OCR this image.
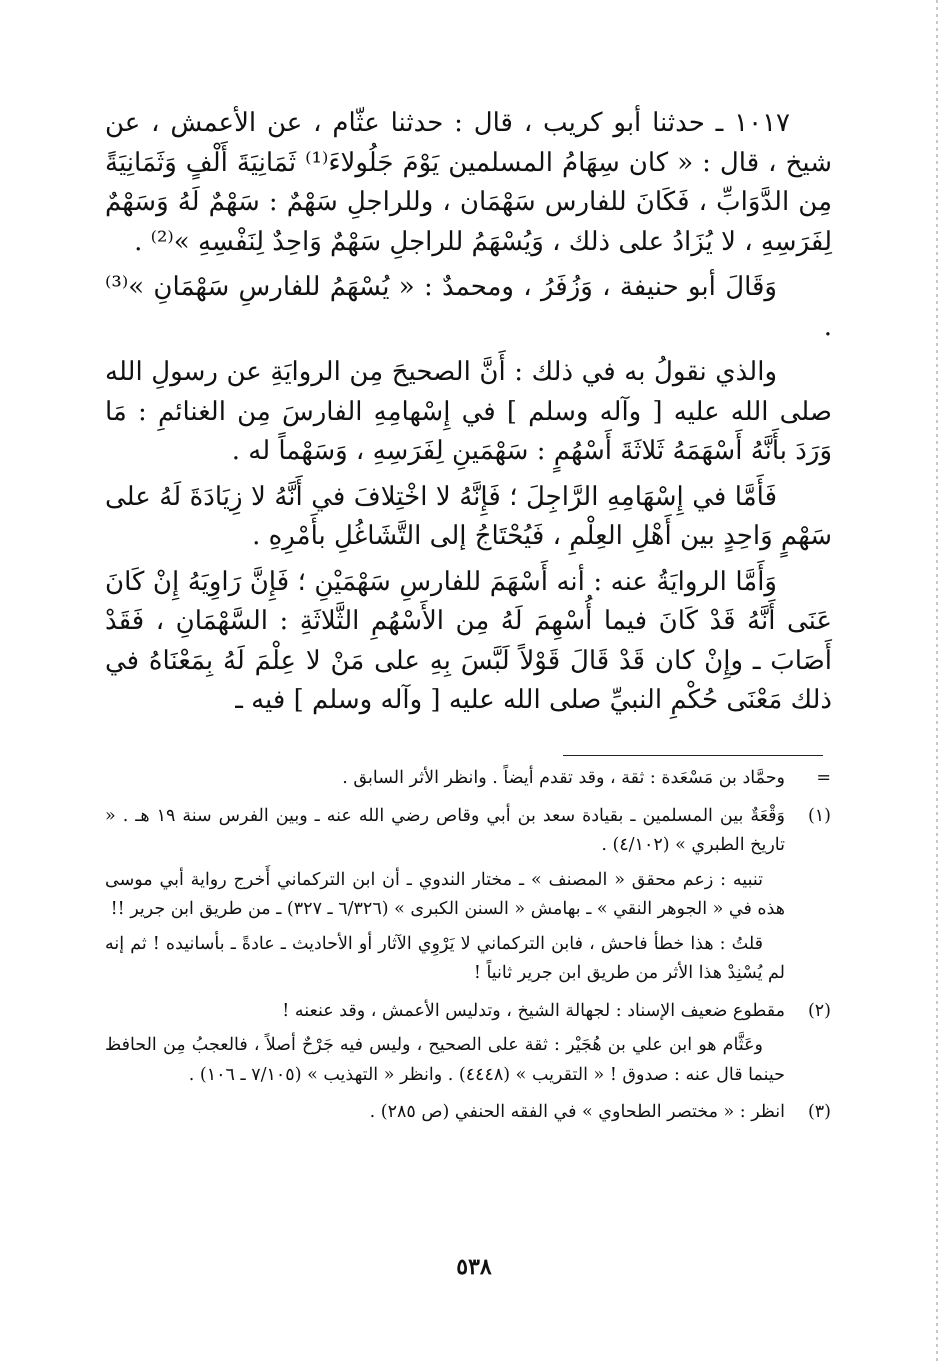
١٠١٧ ـ حدثنا أبو كريب ، قال : حدثنا عثّام ، عن الأعمش ، عن شيخ ، قال : « كان سِهَامُ المسلمين يَوْمَ جَلُولاءَ⁽¹⁾ ثَمَانِيَةَ أَلْفٍ وَثَمَانِيَةً مِن الدَّوَابِّ ، فَكَانَ للفارس سَهْمَان ، وللراجلِ سَهْمٌ : سَهْمٌ لَهُ وَسَهْمٌ لِفَرَسِهِ ، لا يُزَادُ على ذلك ، وَيُسْهَمُ للراجلِ سَهْمٌ وَاحِدٌ لِنَفْسِهِ »⁽²⁾ .

وَقَالَ أبو حنيفة ، وَزُفَرُ ، ومحمدٌ : « يُسْهَمُ للفارسِ سَهْمَانِ »⁽³⁾ .

والذي نقولُ به في ذلك : أَنَّ الصحيحَ مِن الروايَةِ عن رسولِ الله صلى الله عليه [ وآله وسلم ] في إِسْهامِهِ الفارسَ مِن الغنائمِ : مَا وَرَدَ بأَنَّهُ أَسْهَمَهُ ثَلاثَةَ أَسْهُمٍ : سَهْمَينِ لِفَرَسِهِ ، وَسَهْماً له .

فَأَمَّا في إِسْهَامِهِ الرَّاجِلَ ؛ فَإِنَّهُ لا اخْتِلافَ في أَنَّهُ لا زِيَادَةَ لَهُ على سَهْمٍ وَاحِدٍ بين أَهْلِ العِلْمِ ، فَيُحْتَاجُ إلى التَّشَاغُلِ بأَمْرِهِ .

وَأَمَّا الروايَةُ عنه : أنه أَسْهَمَ للفارسِ سَهْمَيْنِ ؛ فَإِنَّ رَاوِيَهُ إِنْ كَانَ عَنَى أَنَّهُ قَدْ كَانَ فيما أُسْهِمَ لَهُ مِن الأَسْهُمِ الثَّلاثَةِ : السَّهْمَانِ ، فَقَدْ أَصَابَ ـ وإِنْ كان قَدْ قَالَ قَوْلاً لَبَّسَ بِهِ على مَنْ لا عِلْمَ لَهُ بِمَعْنَاهُ في ذلك مَعْنَى حُكْمِ النبيِّ صلى الله عليه [ وآله وسلم ] فيه ـ

=

وحمَّاد بن مَسْعَدة : ثقة ، وقد تقدم أيضاً . وانظر الأثر السابق .

(١)

وَقْعَةٌ بين المسلمين ـ بقيادة سعد بن أبي وقاص رضي الله عنه ـ وبين الفرس سنة ١٩ هـ . « تاريخ الطبري » (٤/١٠٢) .

تنبيه : زعم محقق « المصنف » ـ مختار الندوي ـ أن ابن التركماني أَخرج رواية أبي موسى هذه في « الجوهر النقي » ـ بهامش « السنن الكبرى » (٦/٣٢٦ ـ ٣٢٧) ـ من طريق ابن جرير !!

قلتُ : هذا خطأ فاحش ، فابن التركماني لا يَرْوِي الآثار أو الأحاديث ـ عادةً ـ بأسانيده ! ثم إنه لم يُسْنِدْ هذا الأثر من طريق ابن جرير ثانياً !

(٢)

مقطوع ضعيف الإسناد : لجهالة الشيخ ، وتدليس الأعمش ، وقد عنعنه !

وعَثَّام هو ابن علي بن هُجَيْر : ثقة على الصحيح ، وليس فيه جَرْحٌ أصلاً ، فالعجبُ مِن الحافظ حينما قال عنه : صدوق ! « التقريب » (٤٤٤٨) . وانظر « التهذيب » (٧/١٠٥ ـ ١٠٦) .

(٣)

انظر : « مختصر الطحاوي » في الفقه الحنفي (ص ٢٨٥) .

٥٣٨
